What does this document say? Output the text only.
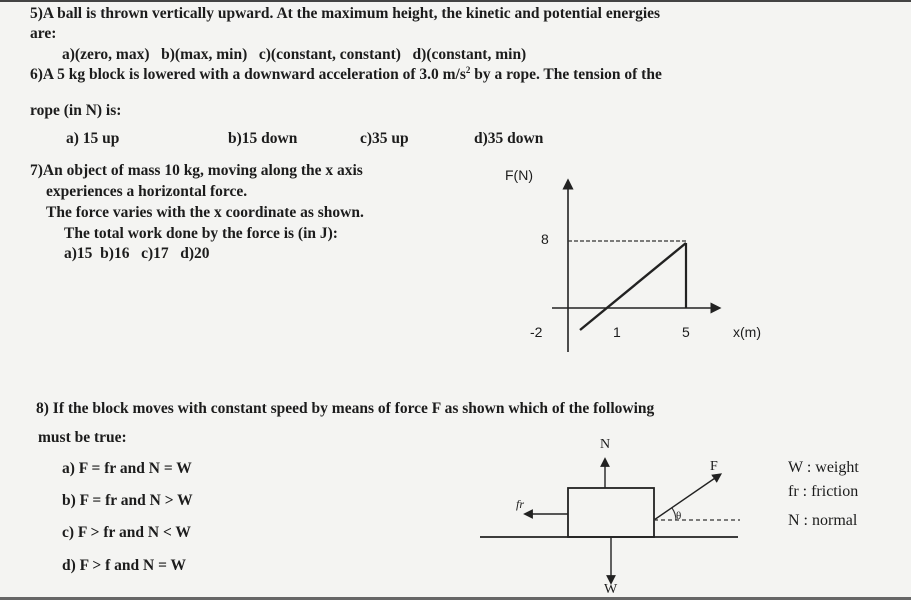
5)A ball is thrown vertically upward. At the maximum height, the kinetic and potential energies
are:
a)(zero, max)   b)(max, min)   c)(constant, constant)   d)(constant, min)
6)A 5 kg block is lowered with a downward acceleration of 3.0 $m/s^2$ by a rope. The tension of the
rope (in N) is:
a) 15 up	b)15 down	c)35 up	d)35 down
7)An object of mass 10 kg, moving along the x axis
experiences a horizontal force.
The force varies with the x coordinate as shown.
The total work done by the force is (in J):
a)15  b)16   c)17   d)20
F(N)
8
-2	1	5	x(m)
8) If the block moves with constant speed by means of force F as shown which of the following
must be true:
a) F = fr and N = W
b) F = fr and N > W
c) F > fr and N < W
d) F > f and N = W
N
W
F
fr
θ
W : weight
fr : friction
N : normal
